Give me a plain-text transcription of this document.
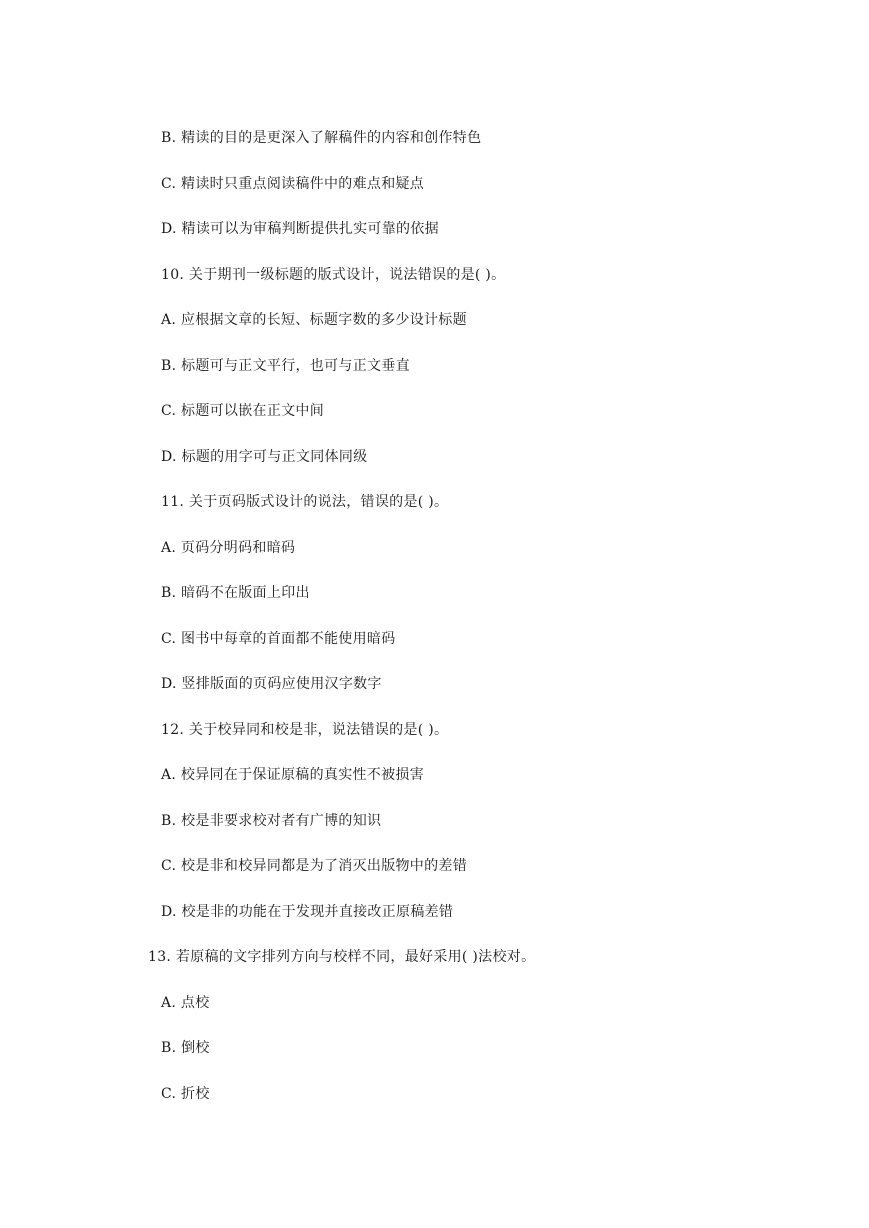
B. 精读的目的是更深入了解稿件的内容和创作特色
C. 精读时只重点阅读稿件中的难点和疑点
D. 精读可以为审稿判断提供扎实可靠的依据
10. 关于期刊一级标题的版式设计，说法错误的是( )。
A. 应根据文章的长短、标题字数的多少设计标题
B. 标题可与正文平行，也可与正文垂直
C. 标题可以嵌在正文中间
D. 标题的用字可与正文同体同级
11. 关于页码版式设计的说法，错误的是( )。
A. 页码分明码和暗码
B. 暗码不在版面上印出
C. 图书中每章的首面都不能使用暗码
D. 竖排版面的页码应使用汉字数字
12. 关于校异同和校是非，说法错误的是( )。
A. 校异同在于保证原稿的真实性不被损害
B. 校是非要求校对者有广博的知识
C. 校是非和校异同都是为了消灭出版物中的差错
D. 校是非的功能在于发现并直接改正原稿差错
13. 若原稿的文字排列方向与校样不同，最好采用( )法校对。
A. 点校
B. 倒校
C. 折校
